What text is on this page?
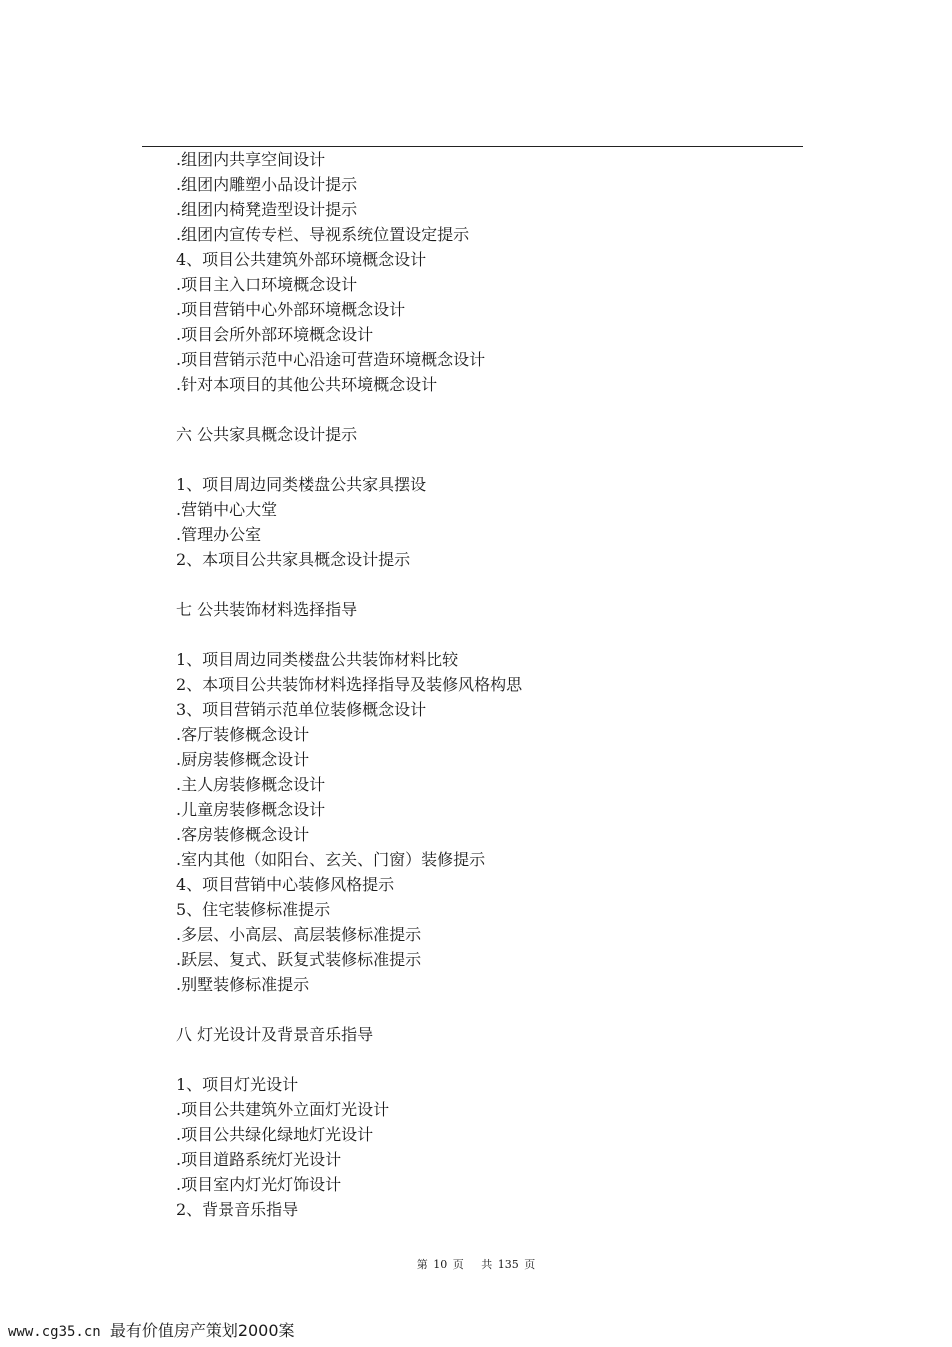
.组团内共享空间设计
.组团内雕塑小品设计提示
.组团内椅凳造型设计提示
.组团内宣传专栏、导视系统位置设定提示
4、项目公共建筑外部环境概念设计
.项目主入口环境概念设计
.项目营销中心外部环境概念设计
.项目会所外部环境概念设计
.项目营销示范中心沿途可营造环境概念设计
.针对本项目的其他公共环境概念设计
六 公共家具概念设计提示
1、项目周边同类楼盘公共家具摆设
.营销中心大堂
.管理办公室
2、本项目公共家具概念设计提示
七 公共装饰材料选择指导
1、项目周边同类楼盘公共装饰材料比较
2、本项目公共装饰材料选择指导及装修风格构思
3、项目营销示范单位装修概念设计
.客厅装修概念设计
.厨房装修概念设计
.主人房装修概念设计
.儿童房装修概念设计
.客房装修概念设计
.室内其他（如阳台、玄关、门窗）装修提示
4、项目营销中心装修风格提示
5、住宅装修标准提示
.多层、小高层、高层装修标准提示
.跃层、复式、跃复式装修标准提示
.别墅装修标准提示
八 灯光设计及背景音乐指导
1、项目灯光设计
.项目公共建筑外立面灯光设计
.项目公共绿化绿地灯光设计
.项目道路系统灯光设计
.项目室内灯光灯饰设计
2、背景音乐指导
第 10 页 共 135 页
www.cg35.cn 最有价值房产策划2000案
